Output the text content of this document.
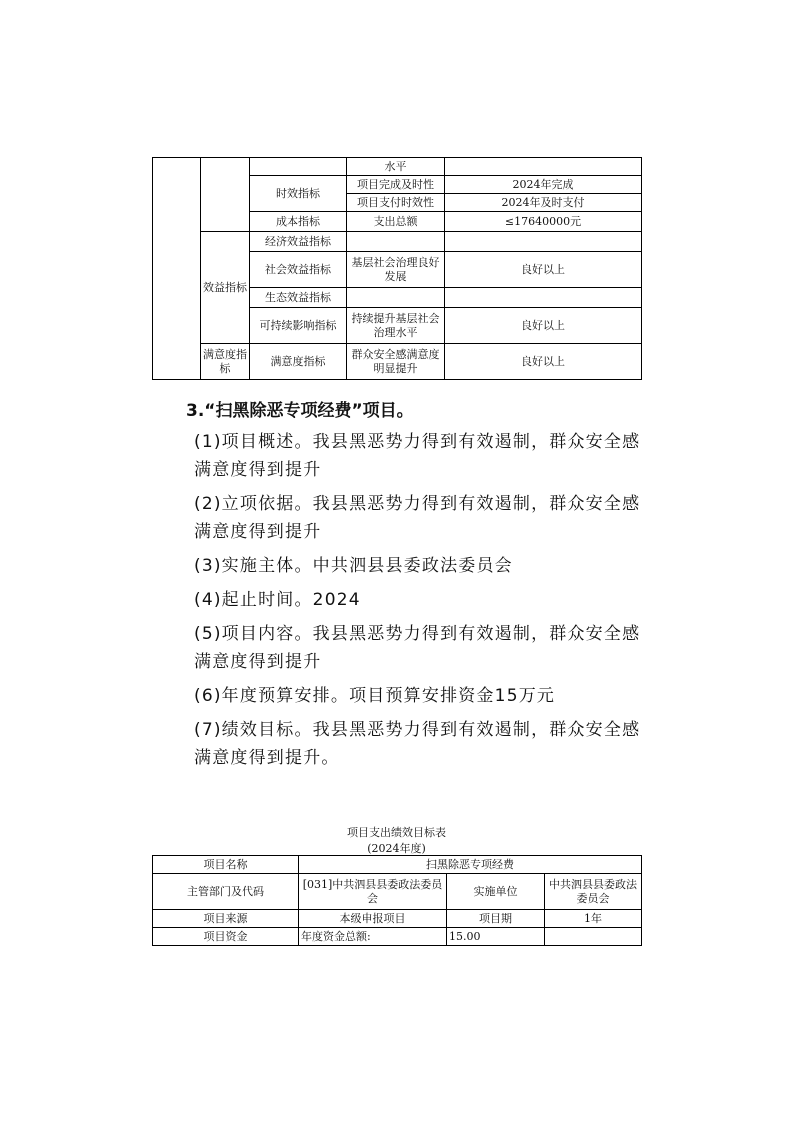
			水平	
		时效指标	项目完成及时性	2024年完成
			项目支付时效性	2024年及时支付
		成本指标	支出总额	≤17640000元
	效益指标	经济效益指标		
		社会效益指标	基层社会治理良好发展	良好以上
		生态效益指标		
		可持续影响指标	持续提升基层社会治理水平	良好以上
	满意度指标	满意度指标	群众安全感满意度明显提升	良好以上
3.“扫黑除恶专项经费”项目。
(1)项目概述。我县黑恶势力得到有效遏制，群众安全感满意度得到提升
(2)立项依据。我县黑恶势力得到有效遏制，群众安全感满意度得到提升
(3)实施主体。中共泗县县委政法委员会
(4)起止时间。2024
(5)项目内容。我县黑恶势力得到有效遏制，群众安全感满意度得到提升
(6)年度预算安排。项目预算安排资金15万元
(7)绩效目标。我县黑恶势力得到有效遏制，群众安全感满意度得到提升。
项目支出绩效目标表
(2024年度)
项目名称	扫黑除恶专项经费		
主管部门及代码	[031]中共泗县县委政法委员会	实施单位	中共泗县县委政法委员会
项目来源	本级申报项目	项目期	1年
项目资金	年度资金总额:	15.00	
